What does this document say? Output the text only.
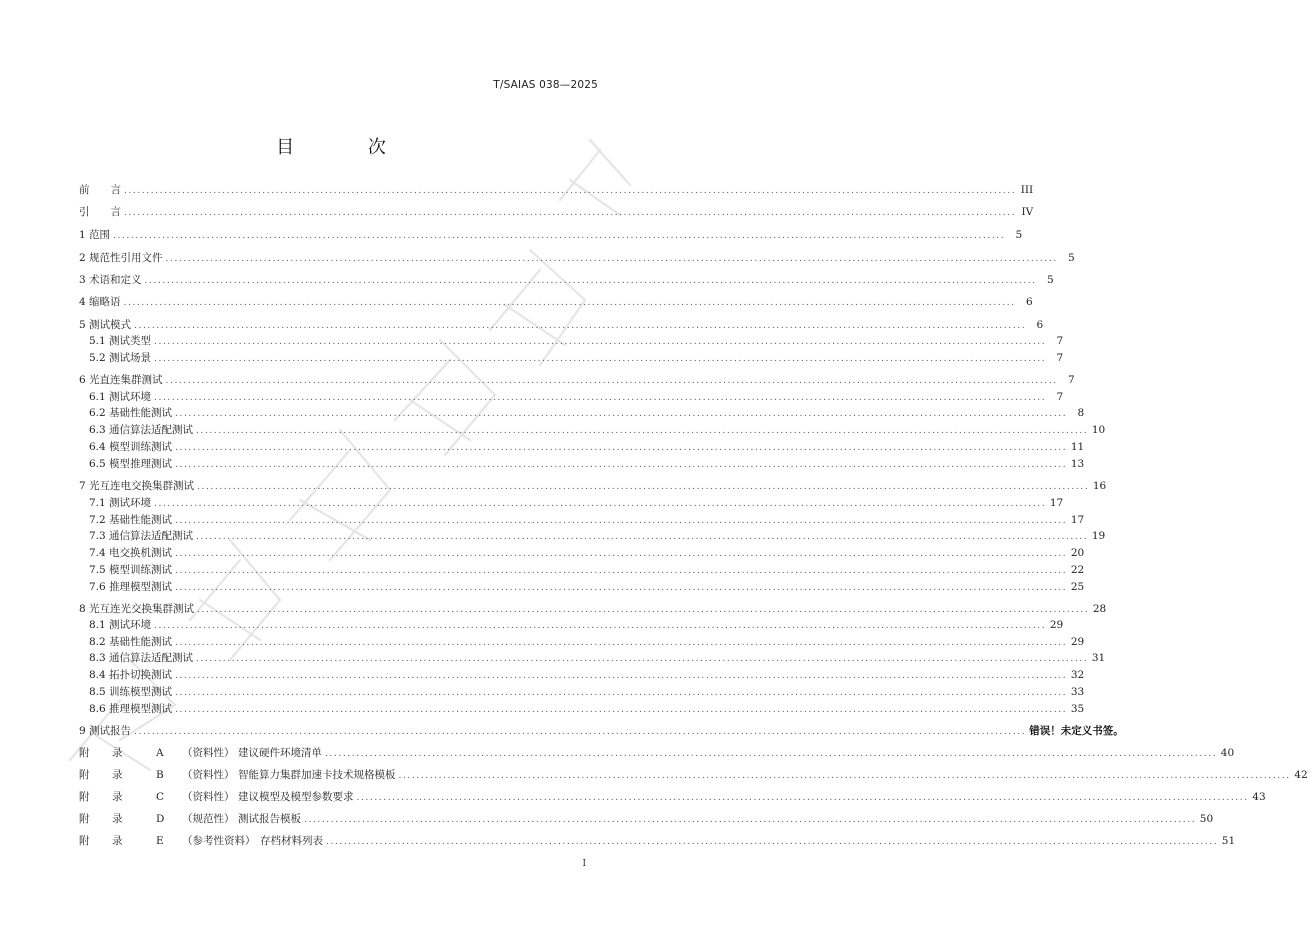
T/SAIAS 038—2025
目 次
前　　言 ........................................................................................................................................................................................................ III
引　　言 ........................................................................................................................................................................................................ IV
1 范围 ........................................................................................................................................................................................................ 5
2 规范性引用文件 ........................................................................................................................................................................................................ 5
3 术语和定义 ........................................................................................................................................................................................................ 5
4 缩略语 ........................................................................................................................................................................................................ 6
5 测试模式 ........................................................................................................................................................................................................ 6
5.1 测试类型 ........................................................................................................................................................................................................ 7
5.2 测试场景 ........................................................................................................................................................................................................ 7
6 光直连集群测试 ........................................................................................................................................................................................................ 7
6.1 测试环境 ........................................................................................................................................................................................................ 7
6.2 基础性能测试 ........................................................................................................................................................................................................ 8
6.3 通信算法适配测试 ........................................................................................................................................................................................................ 10
6.4 模型训练测试 ........................................................................................................................................................................................................ 11
6.5 模型推理测试 ........................................................................................................................................................................................................ 13
7 光互连电交换集群测试 ........................................................................................................................................................................................................ 16
7.1 测试环境 ........................................................................................................................................................................................................ 17
7.2 基础性能测试 ........................................................................................................................................................................................................ 17
7.3 通信算法适配测试 ........................................................................................................................................................................................................ 19
7.4 电交换机测试 ........................................................................................................................................................................................................ 20
7.5 模型训练测试 ........................................................................................................................................................................................................ 22
7.6 推理模型测试 ........................................................................................................................................................................................................ 25
8 光互连光交换集群测试 ........................................................................................................................................................................................................ 28
8.1 测试环境 ........................................................................................................................................................................................................ 29
8.2 基础性能测试 ........................................................................................................................................................................................................ 29
8.3 通信算法适配测试 ........................................................................................................................................................................................................ 31
8.4 拓扑切换测试 ........................................................................................................................................................................................................ 32
8.5 训练模型测试 ........................................................................................................................................................................................................ 33
8.6 推理模型测试 ........................................................................................................................................................................................................ 35
9 测试报告 ........................................................................................................................................................................................................ 错误！未定义书签。
附　录	A （资料性） 建议硬件环境清单 ........................................................................................................................................................................................................ 40
附　录	B （资料性） 智能算力集群加速卡技术规格模板 ........................................................................................................................................................................................................ 42
附　录	C （资料性） 建议模型及模型参数要求 ........................................................................................................................................................................................................ 43
附　录	D （规范性） 测试报告模板 ........................................................................................................................................................................................................ 50
附　录	E （参考性资料） 存档材料列表 ........................................................................................................................................................................................................ 51
I
